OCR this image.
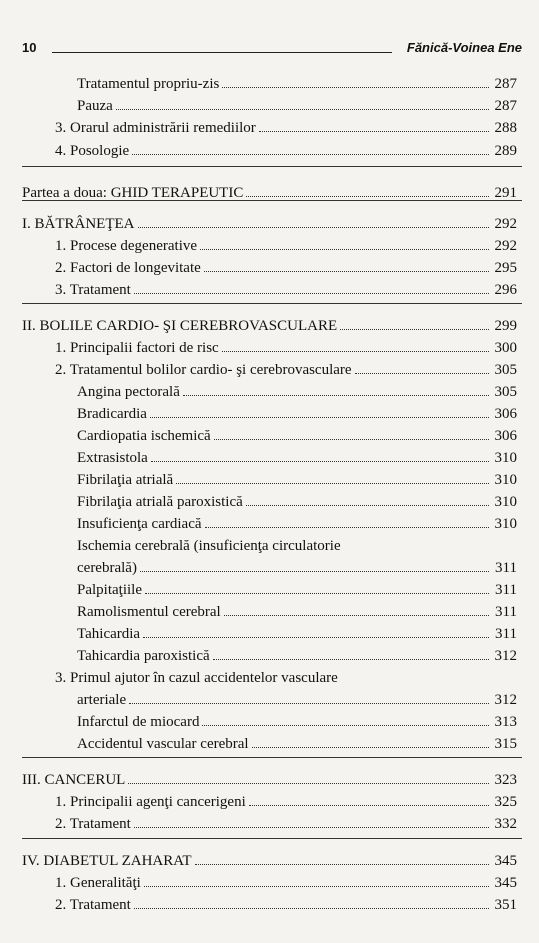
10	Fănică-Voinea Ene
Tratamentul propriu-zis	287
Pauza	287
3. Orarul administrării remediilor	288
4. Posologie	289
Partea a doua: GHID TERAPEUTIC	291
I. BĂTRÂNEŢEA	292
1. Procese degenerative	292
2. Factori de longevitate	295
3. Tratament	296
II. BOLILE CARDIO- ŞI CEREBROVASCULARE	299
1. Principalii factori de risc	300
2. Tratamentul bolilor cardio- şi cerebrovasculare	305
Angina pectorală	305
Bradicardia	306
Cardiopatia ischemică	306
Extrasistola	310
Fibrilaţia atrială	310
Fibrilaţia atrială paroxistică	310
Insuficienţa cardiacă	310
Ischemia cerebrală (insuficienţa circulatorie
cerebrală)	311
Palpitaţiile	311
Ramolismentul cerebral	311
Tahicardia	311
Tahicardia paroxistică	312
3. Primul ajutor în cazul accidentelor vasculare
arteriale	312
Infarctul de miocard	313
Accidentul vascular cerebral	315
III. CANCERUL	323
1. Principalii agenţi cancerigeni	325
2. Tratament	332
IV. DIABETUL ZAHARAT	345
1. Generalităţi	345
2. Tratament	351
